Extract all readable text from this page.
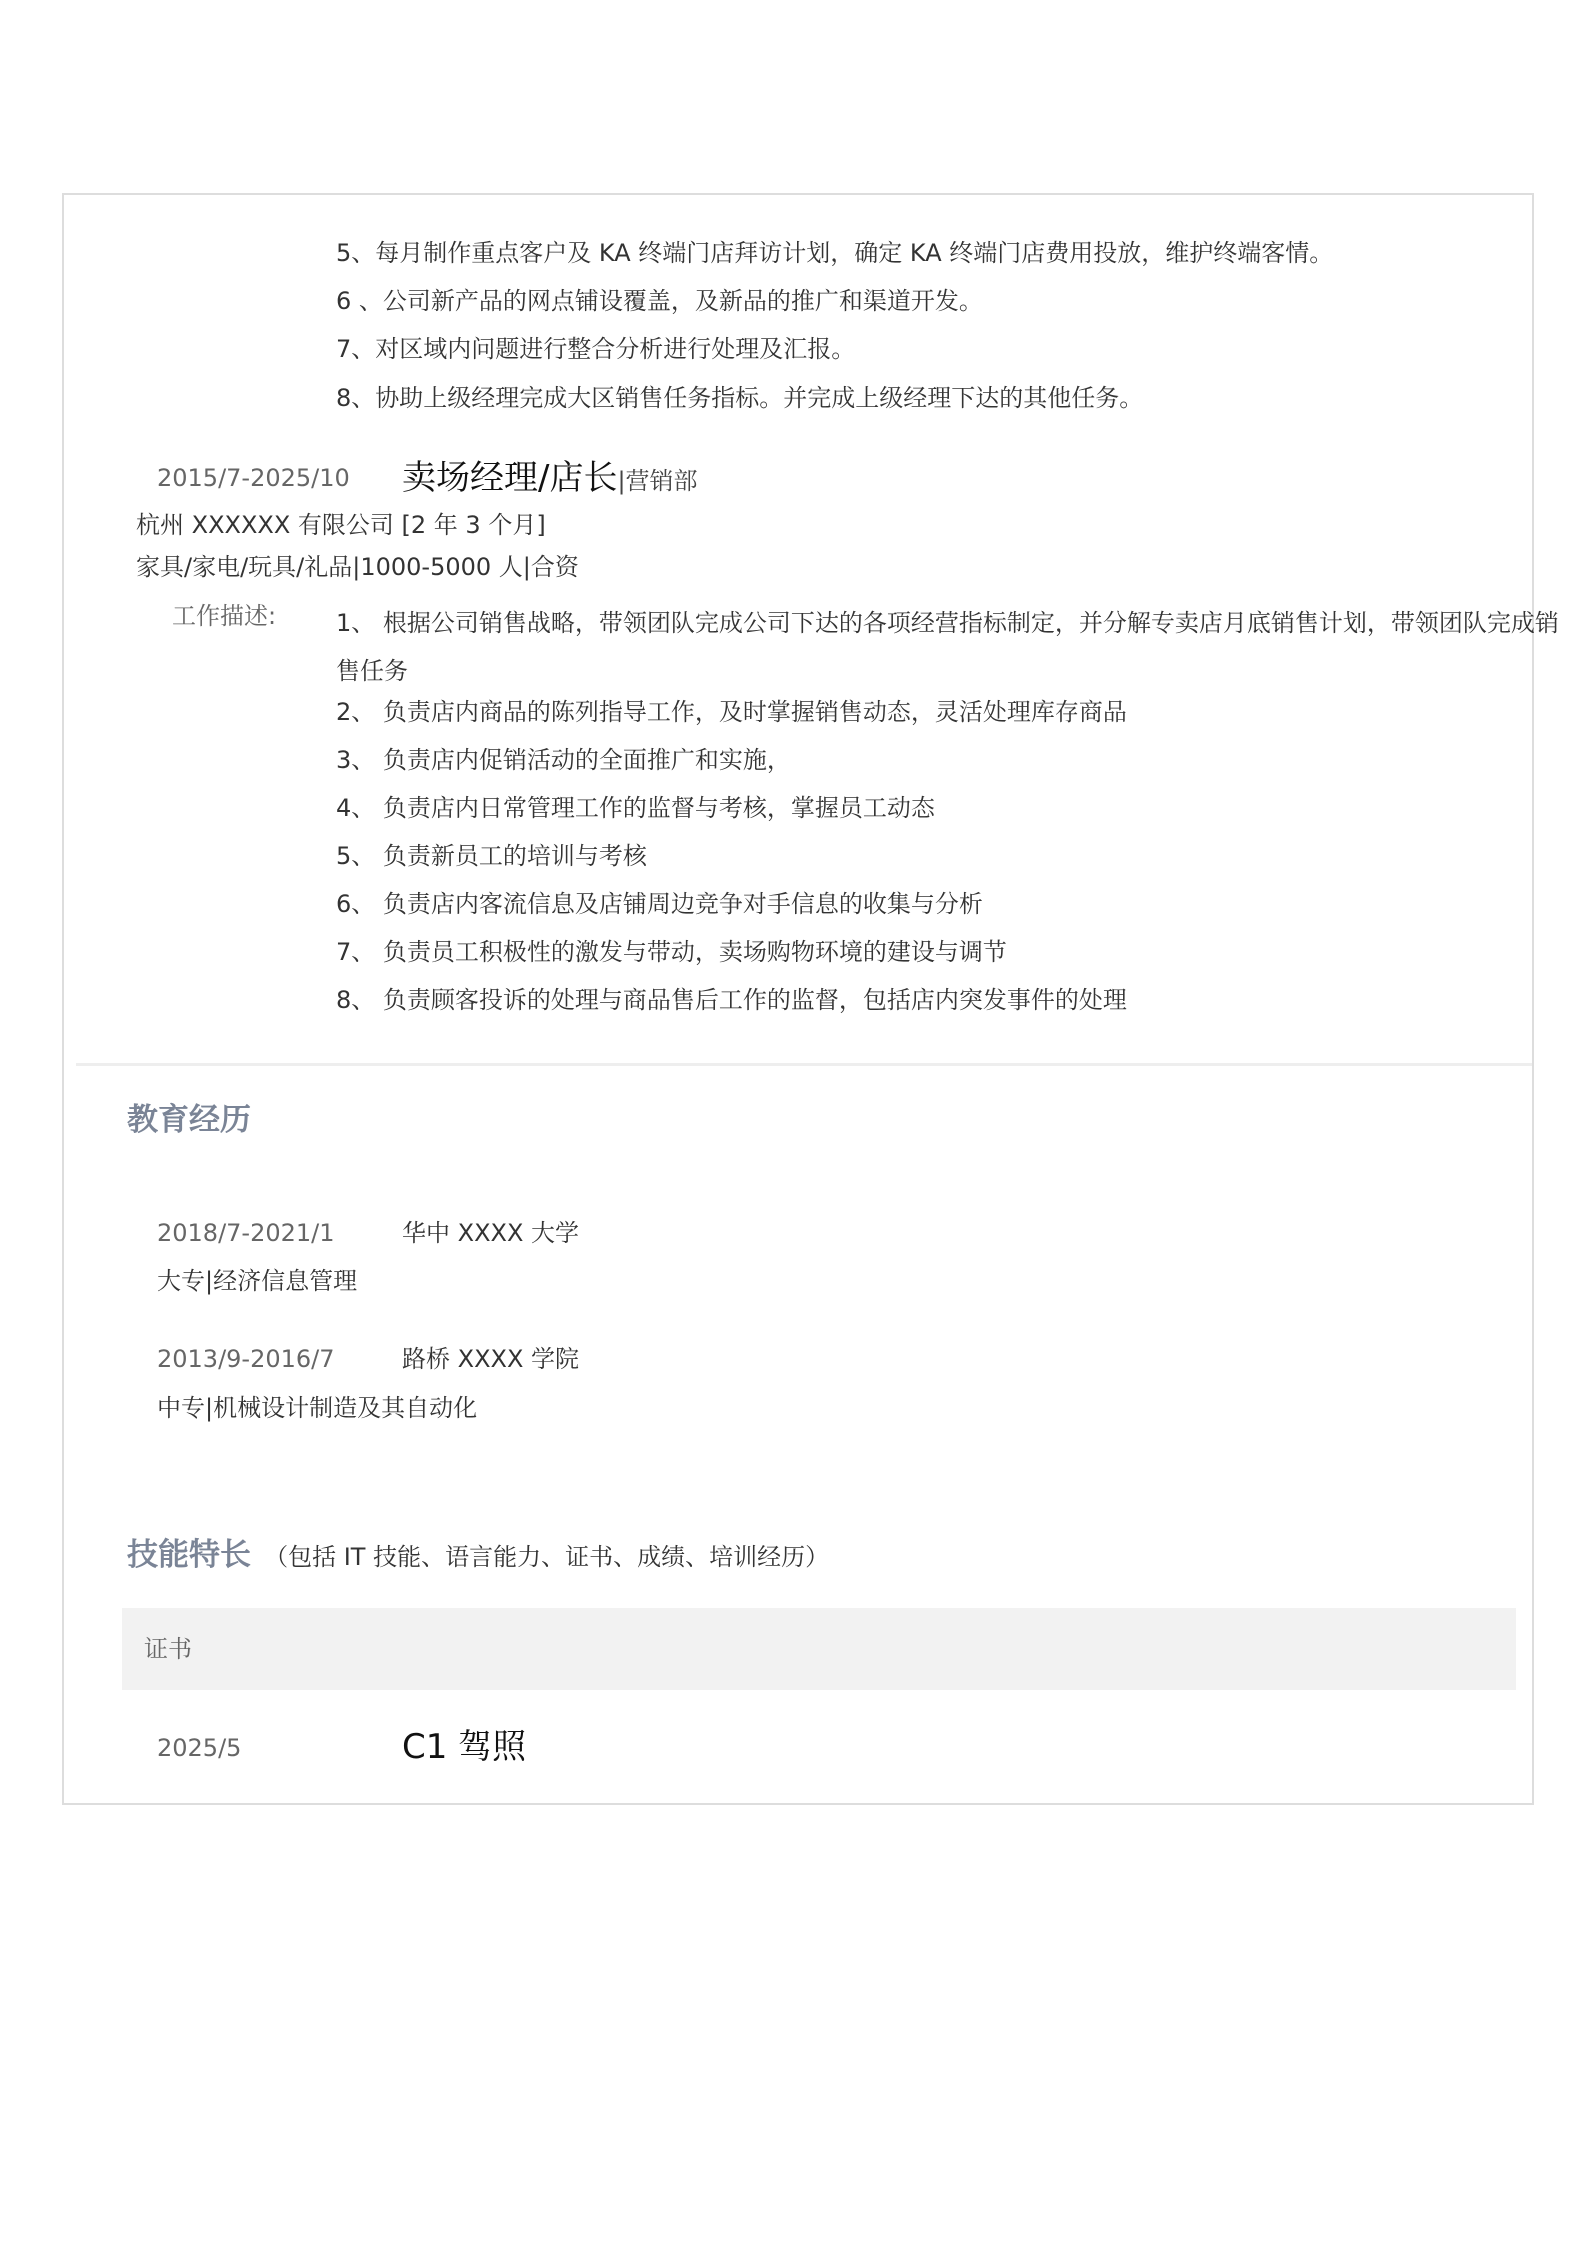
5、每月制作重点客户及 KA 终端门店拜访计划，确定 KA 终端门店费用投放，维护终端客情。
6 、公司新产品的网点铺设覆盖，及新品的推广和渠道开发。
7、对区域内问题进行整合分析进行处理及汇报。
8、协助上级经理完成大区销售任务指标。并完成上级经理下达的其他任务。
2015/7-2025/10 卖场经理/店长|营销部
杭州 XXXXXX 有限公司 [2 年 3 个月]
家具/家电/玩具/礼品|1000-5000 人|合资
工作描述: 1、 根据公司销售战略，带领团队完成公司下达的各项经营指标制定，并分解专卖店月底销售计划，带领团队完成销售任务
2、 负责店内商品的陈列指导工作，及时掌握销售动态，灵活处理库存商品
3、 负责店内促销活动的全面推广和实施，
4、 负责店内日常管理工作的监督与考核，掌握员工动态
5、 负责新员工的培训与考核
6、 负责店内客流信息及店铺周边竞争对手信息的收集与分析
7、 负责员工积极性的激发与带动，卖场购物环境的建设与调节
8、 负责顾客投诉的处理与商品售后工作的监督，包括店内突发事件的处理
教育经历
2018/7-2021/1	华中 XXXX 大学
大专|经济信息管理
2013/9-2016/7	路桥 XXXX 学院
中专|机械设计制造及其自动化
技能特长 （包括 IT 技能、语言能力、证书、成绩、培训经历）
证书
2025/5	C1 驾照
